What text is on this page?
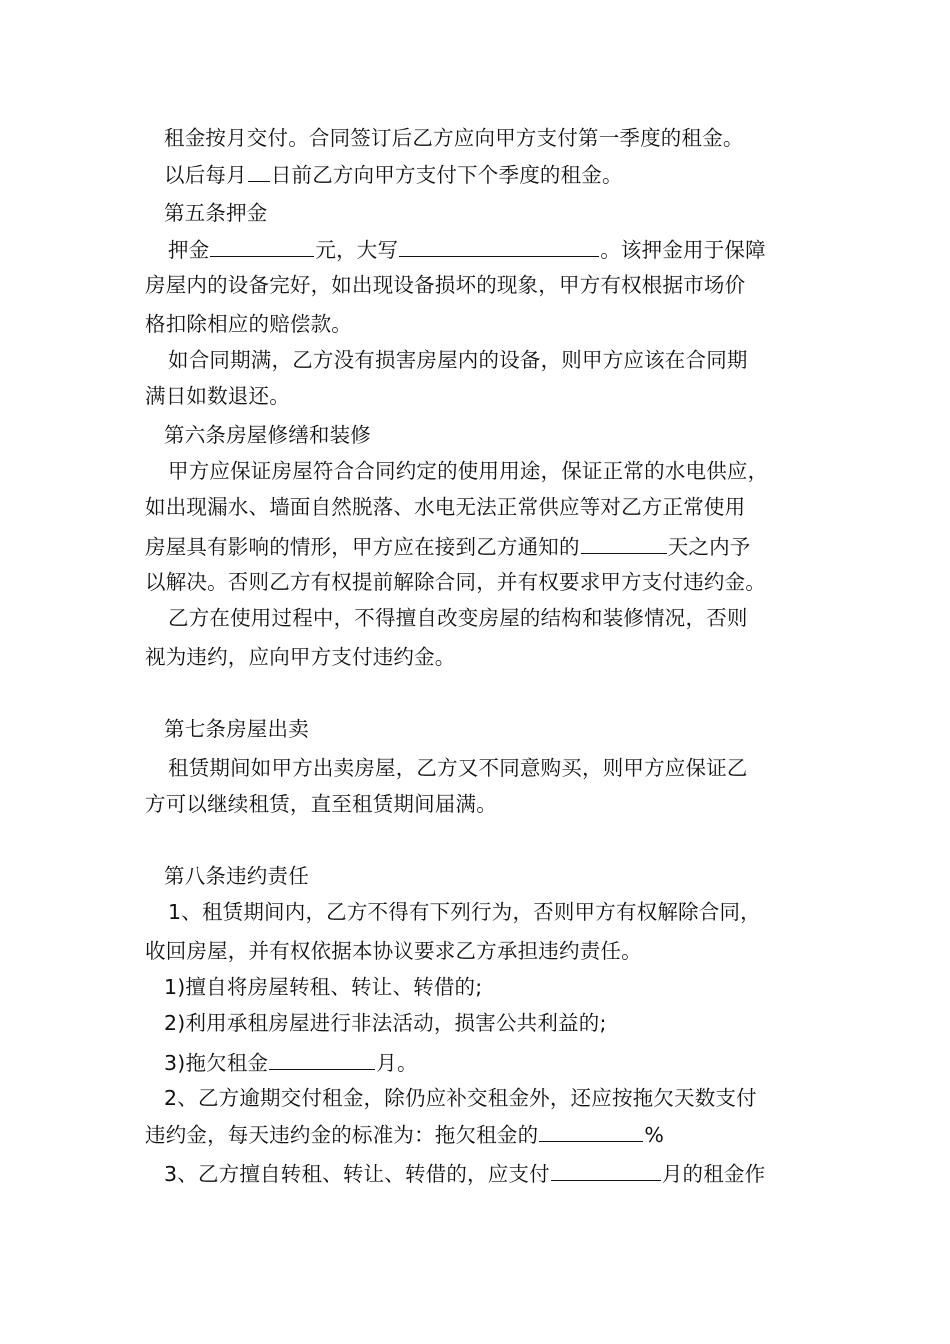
租金按月交付。合同签订后乙方应向甲方支付第一季度的租金。
以后每月 日前乙方向甲方支付下个季度的租金。
第五条押金
押金	元，大写	。该押金用于保障
房屋内的设备完好，如出现设备损坏的现象，甲方有权根据市场价
格扣除相应的赔偿款。
如合同期满，乙方没有损害房屋内的设备，则甲方应该在合同期
满日如数退还。
第六条房屋修缮和装修
甲方应保证房屋符合合同约定的使用用途，保证正常的水电供应，
如出现漏水、墙面自然脱落、水电无法正常供应等对乙方正常使用
房屋具有影响的情形，甲方应在接到乙方通知的	天之内予
以解决。否则乙方有权提前解除合同，并有权要求甲方支付违约金。
乙方在使用过程中，不得擅自改变房屋的结构和装修情况，否则
视为违约，应向甲方支付违约金。
第七条房屋出卖
租赁期间如甲方出卖房屋，乙方又不同意购买，则甲方应保证乙
方可以继续租赁，直至租赁期间届满。
第八条违约责任
1、租赁期间内，乙方不得有下列行为，否则甲方有权解除合同，
收回房屋，并有权依据本协议要求乙方承担违约责任。
1)擅自将房屋转租、转让、转借的;
2)利用承租房屋进行非法活动，损害公共利益的;
3)拖欠租金	月。
2、乙方逾期交付租金，除仍应补交租金外，还应按拖欠天数支付
违约金，每天违约金的标准为：拖欠租金的	%
3、乙方擅自转租、转让、转借的，应支付	月的租金作
